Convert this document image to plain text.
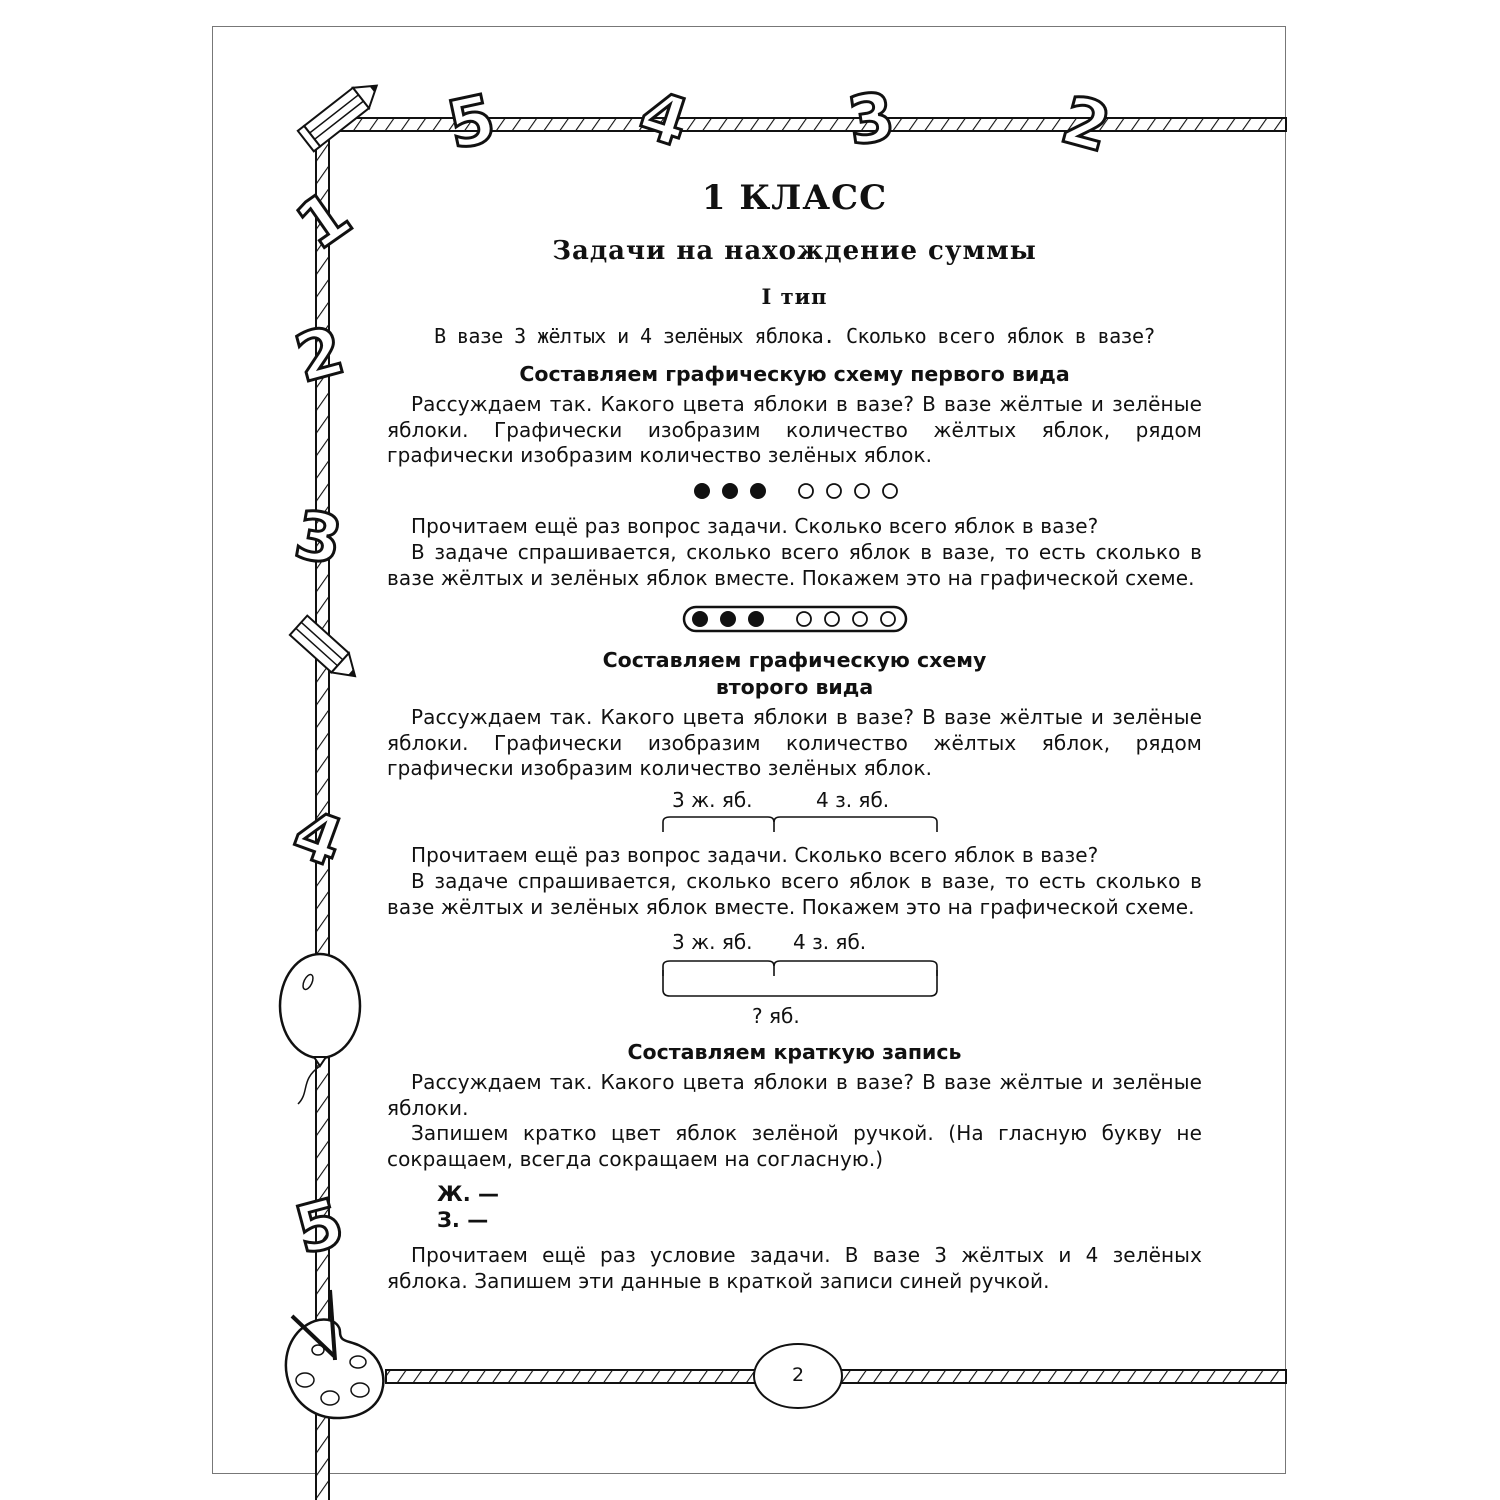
5 4 3 2
1
2
3
4
5
1 КЛАСС
Задачи на нахождение суммы
I тип
В вазе 3 жёлтых и 4 зелёных яблока. Сколько всего яблок в вазе?
Составляем графическую схему первого вида
Рассуждаем так. Какого цвета яблоки в вазе? В вазе жёлтые и зелёные яблоки. Графически изобразим количество жёлтых яблок, рядом графически изобразим количество зелёных яблок.
Прочитаем ещё раз вопрос задачи. Сколько всего яблок в вазе?
В задаче спрашивается, сколько всего яблок в вазе, то есть сколько в вазе жёлтых и зелёных яблок вместе. Покажем это на графической схеме.
Составляем графическую схему
второго вида
Рассуждаем так. Какого цвета яблоки в вазе? В вазе жёлтые и зелёные яблоки. Графически изобразим количество жёлтых яблок, рядом графически изобразим количество зелёных яблок.
3 ж. яб.	4 з. яб.
Прочитаем ещё раз вопрос задачи. Сколько всего яблок в вазе?
В задаче спрашивается, сколько всего яблок в вазе, то есть сколько в вазе жёлтых и зелёных яблок вместе. Покажем это на графической схеме.
3 ж. яб. 4 з. яб.
? яб.
Составляем краткую запись
Рассуждаем так. Какого цвета яблоки в вазе? В вазе жёлтые и зелёные яблоки.
Запишем кратко цвет яблок зелёной ручкой. (На гласную букву не сокращаем, всегда сокращаем на согласную.)
Ж. —
З. —
Прочитаем ещё раз условие задачи. В вазе 3 жёлтых и 4 зелёных яблока. Запишем эти данные в краткой записи синей ручкой.
2
